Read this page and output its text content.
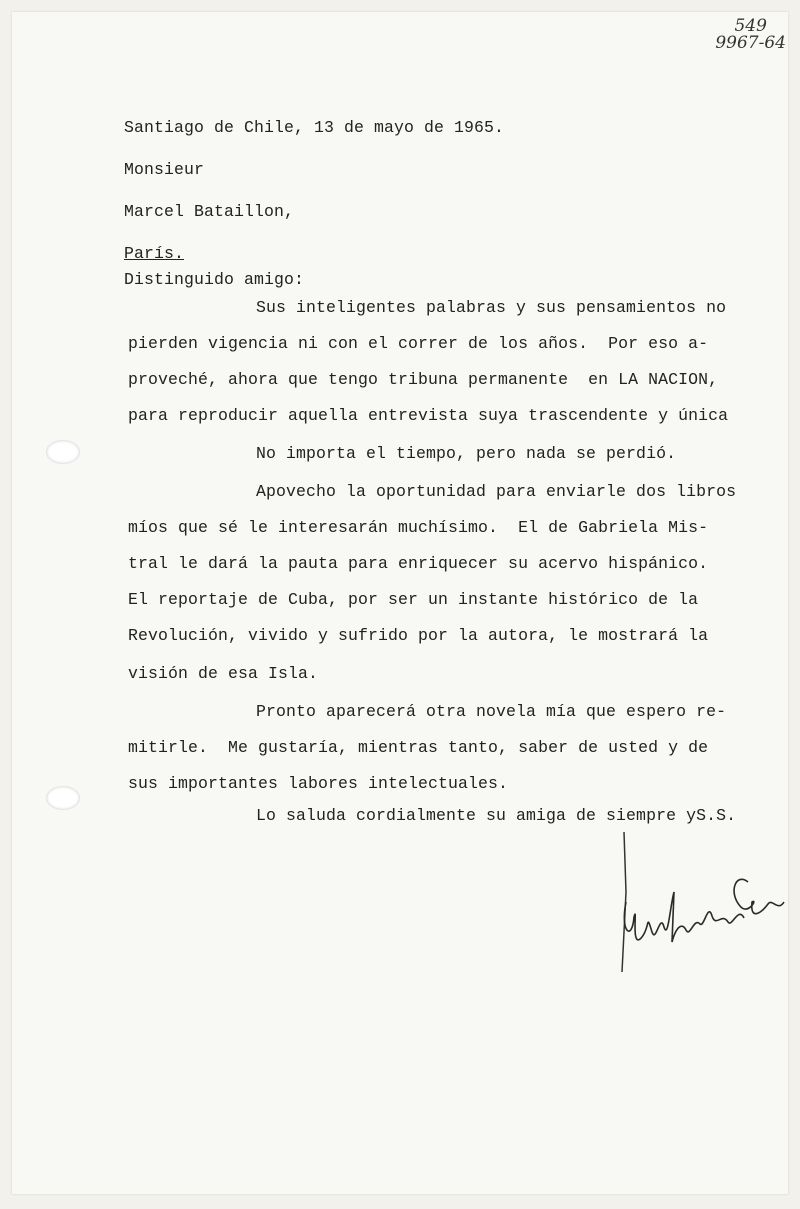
549
9967-64
Santiago de Chile, 13 de mayo de 1965.
Monsieur
Marcel Bataillon,
París.
Distinguido amigo:
Sus inteligentes palabras y sus pensamientos no
pierden vigencia ni con el correr de los años.  Por eso a-
proveché, ahora que tengo tribuna permanente  en LA NACION,
para reproducir aquella entrevista suya trascendente y única
No importa el tiempo, pero nada se perdió.
Apovecho la oportunidad para enviarle dos libros
míos que sé le interesarán muchísimo.  El de Gabriela Mis-
tral le dará la pauta para enriquecer su acervo hispánico.
El reportaje de Cuba, por ser un instante histórico de la
Revolución, vivido y sufrido por la autora, le mostrará la
visión de esa Isla.
Pronto aparecerá otra novela mía que espero re-
mitirle.  Me gustaría, mientras tanto, saber de usted y de
sus importantes labores intelectuales.
Lo saluda cordialmente su amiga de siempre yS.S.
